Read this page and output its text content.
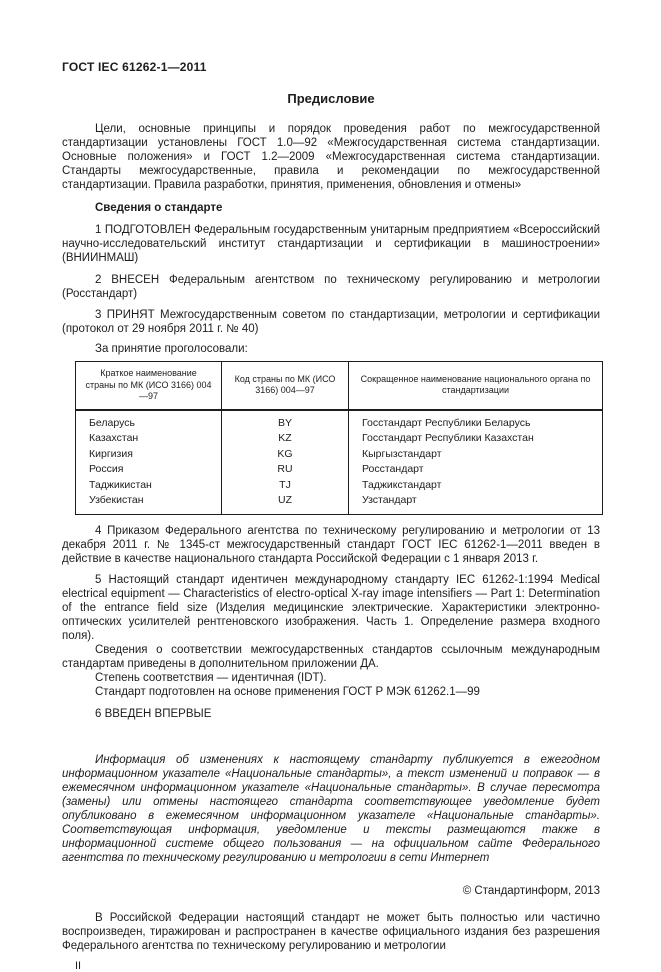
ГОСТ IEC 61262-1—2011
Предисловие

Цели, основные принципы и порядок проведения работ по межгосударственной стандартизации установлены ГОСТ 1.0—92 «Межгосударственная система стандартизации. Основные положения» и ГОСТ 1.2—2009 «Межгосударственная система стандартизации. Стандарты межгосударственные, правила и рекомендации по межгосударственной стандартизации. Правила разработки, принятия, применения, обновления и отмены»

Сведения о стандарте

1 ПОДГОТОВЛЕН Федеральным государственным унитарным предприятием «Всероссийский научно-исследовательский институт стандартизации и сертификации в машиностроении» (ВНИИНМАШ)

2 ВНЕСЕН Федеральным агентством по техническому регулированию и метрологии (Росстандарт)

3 ПРИНЯТ Межгосударственным советом по стандартизации, метрологии и сертификации (протокол от 29 ноября 2011 г. № 40)

За принятие проголосовали:

Краткое наименование страны по МК (ИСО 3166) 004—97	Код страны по МК (ИСО 3166) 004—97	Сокращенное наименование национального органа по стандартизации
Беларусь	BY	Госстандарт Республики Беларусь
Казахстан	KZ	Госстандарт Республики Казахстан
Киргизия	KG	Кыргызстандарт
Россия	RU	Росстандарт
Таджикистан	TJ	Таджикстандарт
Узбекистан	UZ	Узстандарт

4 Приказом Федерального агентства по техническому регулированию и метрологии от 13 декабря 2011 г. № 1345-ст межгосударственный стандарт ГОСТ IEC 61262-1—2011 введен в действие в качестве национального стандарта Российской Федерации с 1 января 2013 г.

5 Настоящий стандарт идентичен международному стандарту IEC 61262-1:1994 Medical electrical equipment — Characteristics of electro-optical X-ray image intensifiers — Part 1: Determination of the entrance field size (Изделия медицинские электрические. Характеристики электронно-оптических усилителей рентгеновского изображения. Часть 1. Определение размера входного поля).

Сведения о соответствии межгосударственных стандартов ссылочным международным стандартам приведены в дополнительном приложении ДА.

Степень соответствия — идентичная (IDT).

Стандарт подготовлен на основе применения ГОСТ Р МЭК 61262.1—99

6 ВВЕДЕН ВПЕРВЫЕ

Информация об изменениях к настоящему стандарту публикуется в ежегодном информационном указателе «Национальные стандарты», а текст изменений и поправок — в ежемесячном информационном указателе «Национальные стандарты». В случае пересмотра (замены) или отмены настоящего стандарта соответствующее уведомление будет опубликовано в ежемесячном информационном указателе «Национальные стандарты». Соответствующая информация, уведомление и тексты размещаются также в информационной системе общего пользования — на официальном сайте Федерального агентства по техническому регулированию и метрологии в сети Интернет

© Стандартинформ, 2013

В Российской Федерации настоящий стандарт не может быть полностью или частично воспроизведен, тиражирован и распространен в качестве официального издания без разрешения Федерального агентства по техническому регулированию и метрологии

II
